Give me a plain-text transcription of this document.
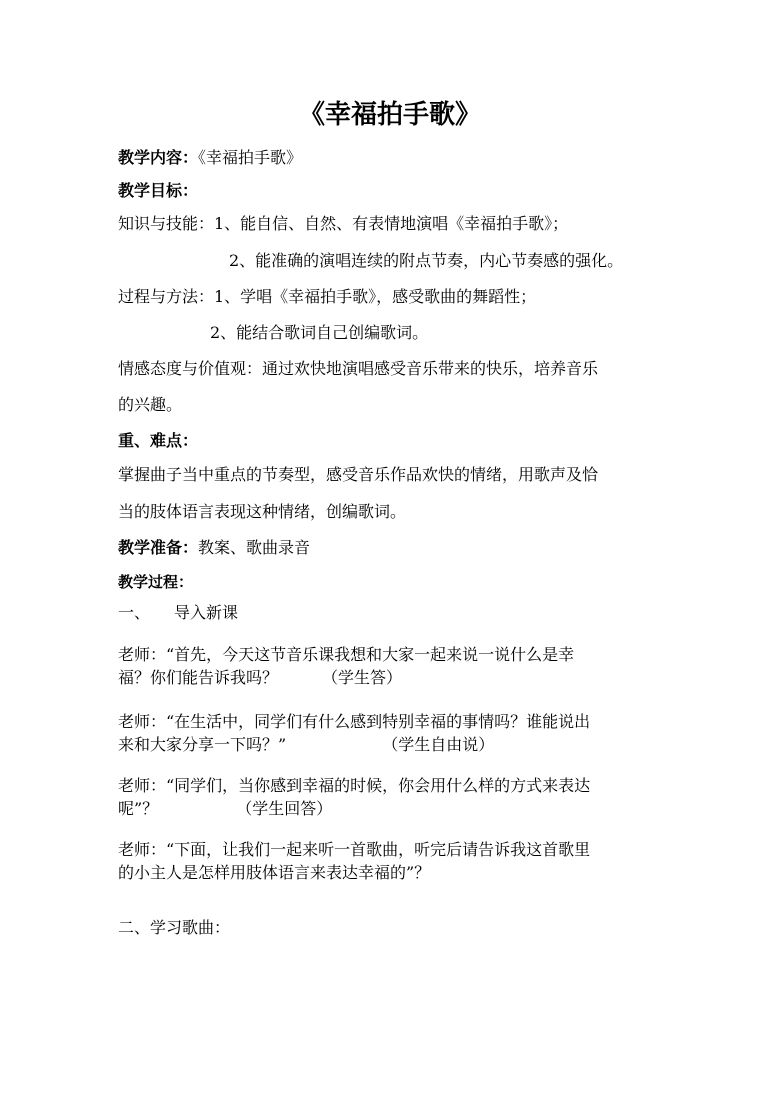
《幸福拍手歌》
教学内容：《幸福拍手歌》
教学目标：
知识与技能：1、能自信、自然、有表情地演唱《幸福拍手歌》；
2、能准确的演唱连续的附点节奏，内心节奏感的强化。
过程与方法：1、学唱《幸福拍手歌》，感受歌曲的舞蹈性；
2、能结合歌词自己创编歌词。
情感态度与价值观：通过欢快地演唱感受音乐带来的快乐，培养音乐
的兴趣。
重、难点：
掌握曲子当中重点的节奏型，感受音乐作品欢快的情绪，用歌声及恰
当的肢体语言表现这种情绪，创编歌词。
教学准备：教案、歌曲录音
教学过程：
一、 导入新课
老师：“首先，今天这节音乐课我想和大家一起来说一说什么是幸
福？你们能告诉我吗？	（学生答）
老师：“在生活中，同学们有什么感到特别幸福的事情吗？谁能说出
来和大家分享一下吗？”	（学生自由说）
老师：“同学们，当你感到幸福的时候，你会用什么样的方式来表达
呢”？	（学生回答）
老师：“下面，让我们一起来听一首歌曲，听完后请告诉我这首歌里
的小主人是怎样用肢体语言来表达幸福的”？
二、学习歌曲：
